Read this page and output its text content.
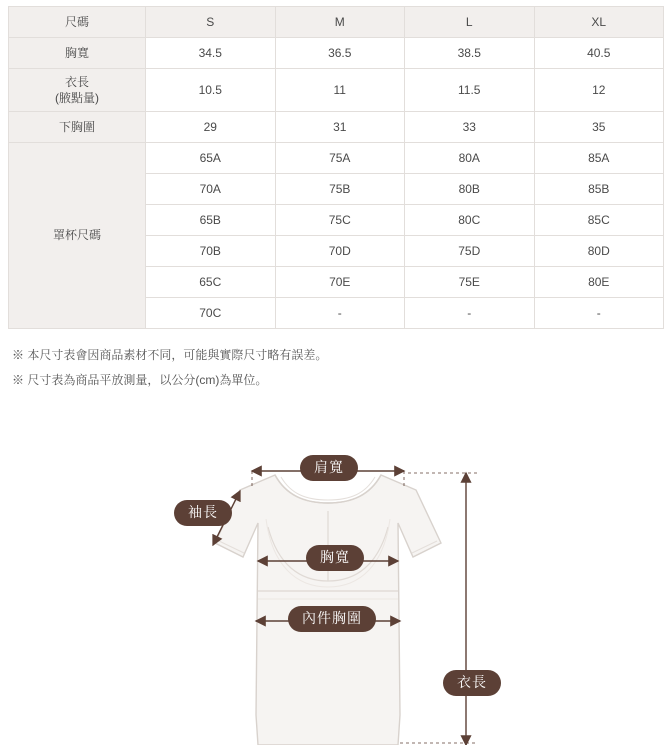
尺碼	S	M	L	XL
胸寬	34.5	36.5	38.5	40.5

衣長
(腋點量)	10.5	11	11.5	12
下胸圍	29	31	33	35
罩杯尺碼	65A	75A	80A	85A
	70A	75B	80B	85B
	65B	75C	80C	85C
	70B	70D	75D	80D
	65C	70E	75E	80E
	70C	-	-	-
※ 本尺寸表會因商品素材不同，可能與實際尺寸略有誤差。
※ 尺寸表為商品平放測量，以公分(cm)為單位。
肩寬
袖長
胸寬
內件胸圍
衣長
